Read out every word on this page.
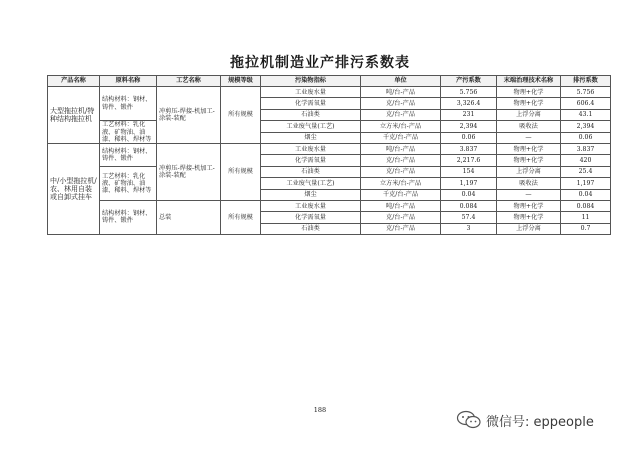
拖拉机制造业产排污系数表
产品名称	原料名称	工艺名称	规模等级	污染物指标	单位	产污系数	末端治理技术名称	排污系数
大型拖拉机/特种结构拖拉机	结构材料：钢材、铸件、锻件	冲剪压-焊接-机加工-涂装-装配	所有规模	工业废水量	吨/台-产品	5.756	物理+化学	5.756
				化学需氧量	克/台-产品	3,326.4	物理+化学	606.4
				石油类	克/台-产品	231	上浮分离	43.1
	工艺材料：乳化液、矿物油、油漆、稀料、焊材等			工业废气量(工艺)	立方米/台-产品	2,394	吸收法	2,394
				烟尘	千克/台-产品	0.06	—	0.06
中/小型拖拉机/农、林用自装或自卸式挂车	结构材料：钢材、铸件、锻件	冲剪压-焊接-机加工-涂装-装配	所有规模	工业废水量	吨/台-产品	3.837	物理+化学	3.837
				化学需氧量	克/台-产品	2,217.6	物理+化学	420
	工艺材料：乳化液、矿物油、油漆、稀料、焊材等			石油类	克/台-产品	154	上浮分离	25.4
				工业废气量(工艺)	立方米/台-产品	1,197	吸收法	1,197
				烟尘	千克/台-产品	0.04	—	0.04
	结构材料：钢材、铸件、锻件	总装	所有规模	工业废水量	吨/台-产品	0.084	物理+化学	0.084
				化学需氧量	克/台-产品	57.4	物理+化学	11
				石油类	克/台-产品	3	上浮分离	0.7
188
微信号: eppeople
